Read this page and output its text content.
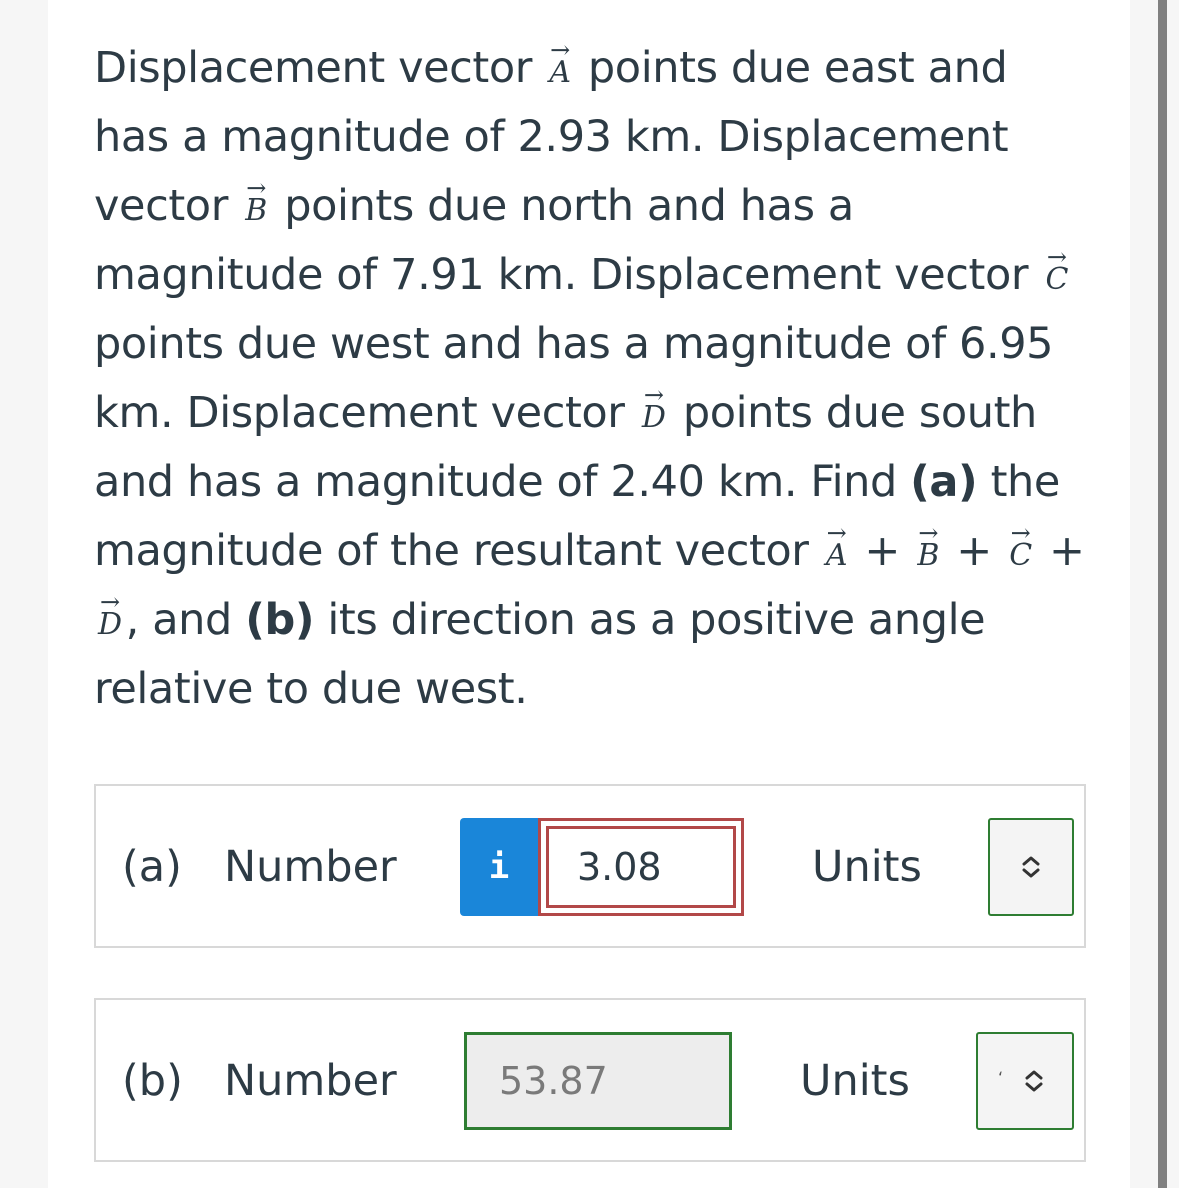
Displacement vector → A points due east and has a magnitude of 2.93 km. Displacement vector → B points due north and has a magnitude of 7.91 km. Displacement vector → C points due west and has a magnitude of 6.95 km. Displacement vector → D points due south and has a magnitude of 2.40 km. Find (a) the magnitude of the resultant vector → A + → B + → C + → D, and (b) its direction as a positive angle relative to due west.
(a) Number	i	3.08	Units
(b) Number	53.87	Units	‘
